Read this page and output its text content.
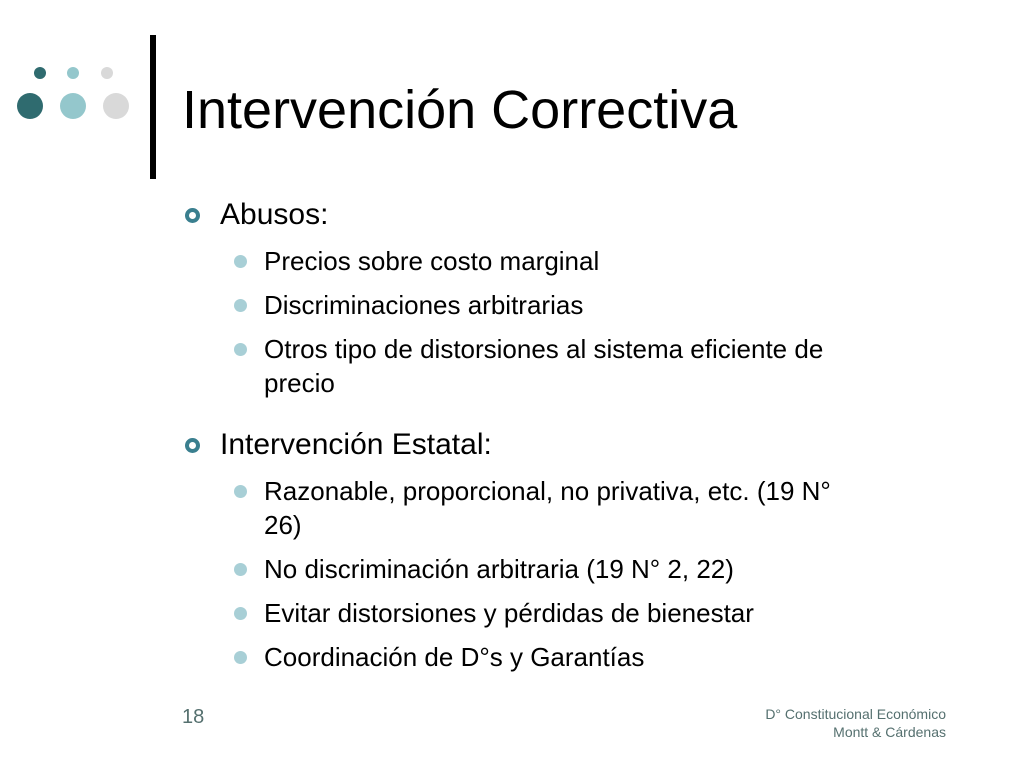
Intervención Correctiva

Abusos:

Precios sobre costo marginal

Discriminaciones arbitrarias

Otros tipo de distorsiones al sistema eficiente de precio

Intervención Estatal:

Razonable, proporcional, no privativa, etc. (19 N° 26)

No discriminación arbitraria (19 N° 2, 22)

Evitar distorsiones y pérdidas de bienestar

Coordinación de D°s y Garantías

18	D° Constitucional Económico
Montt & Cárdenas
